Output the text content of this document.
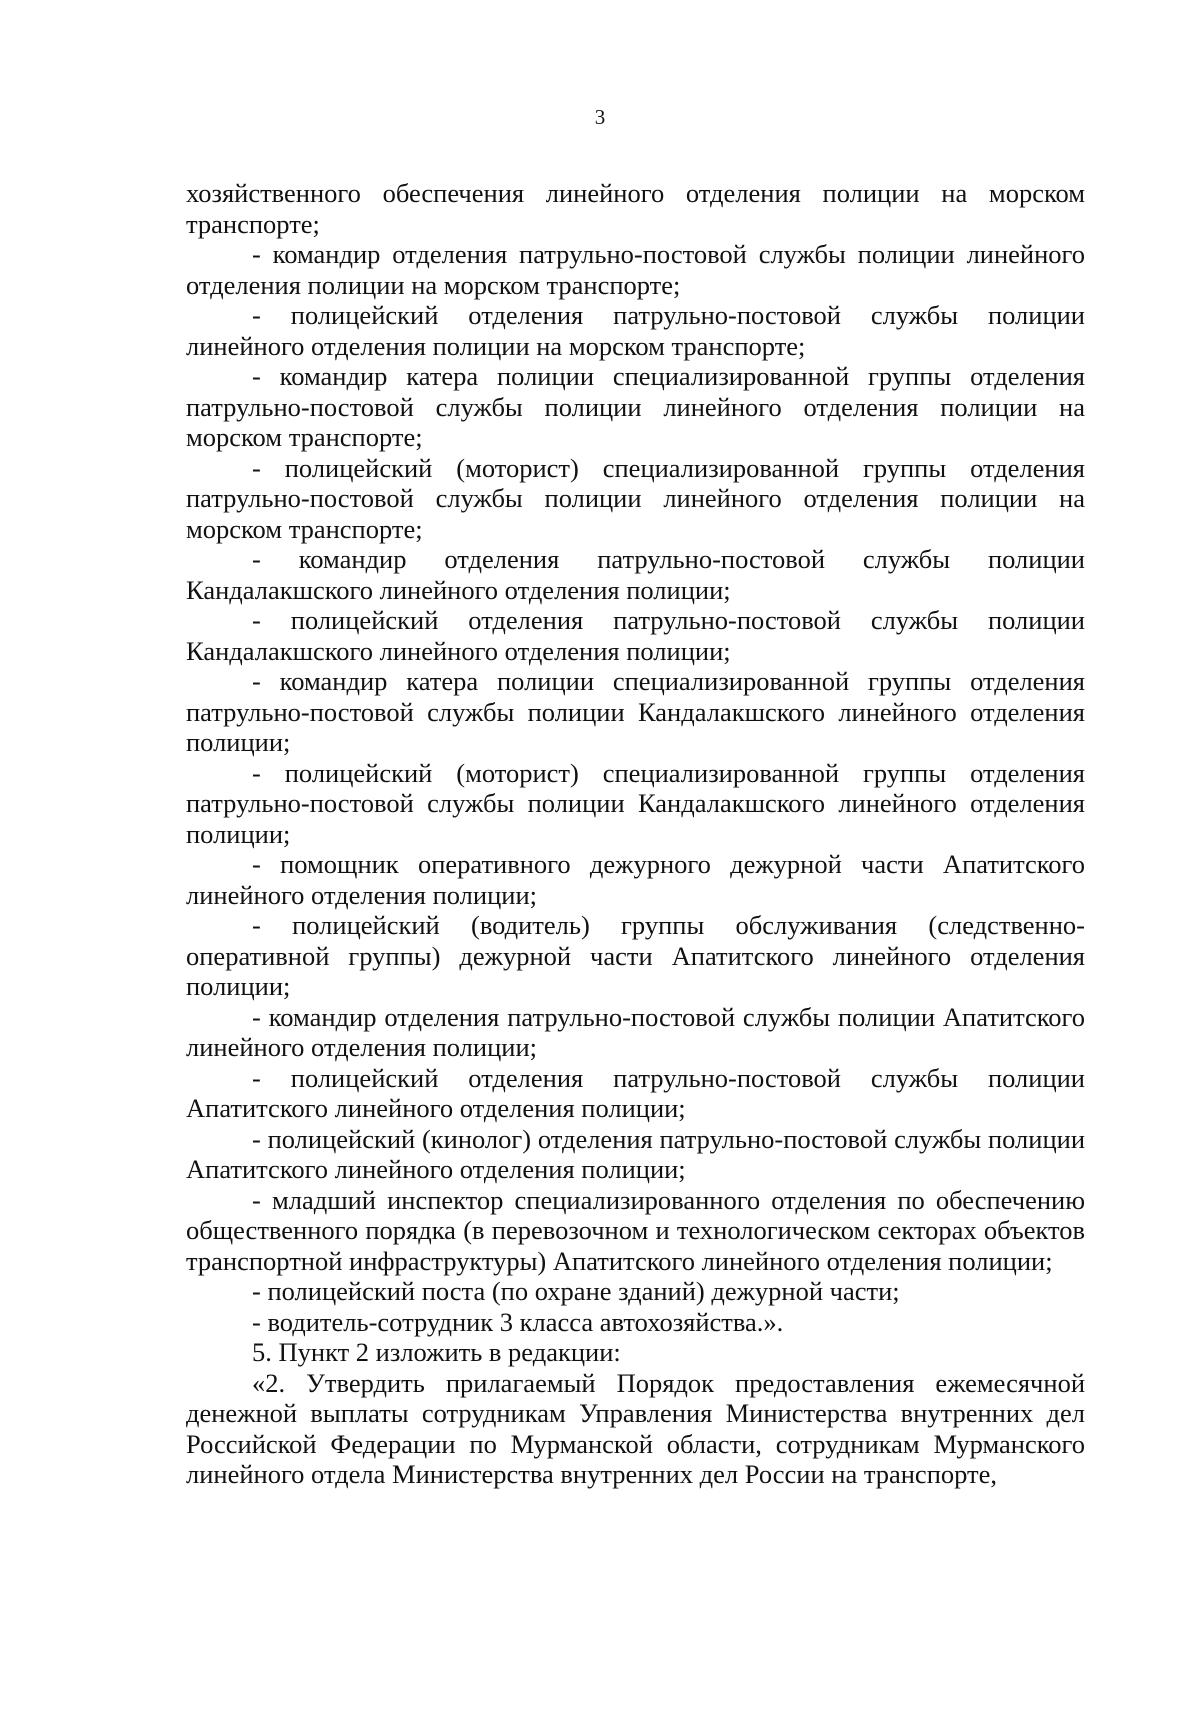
3

хозяйственного обеспечения линейного отделения полиции на морском транспорте;

- командир отделения патрульно-постовой службы полиции линейного отделения полиции на морском транспорте;

- полицейский отделения патрульно-постовой службы полиции линейного отделения полиции на морском транспорте;

- командир катера полиции специализированной группы отделения патрульно-постовой службы полиции линейного отделения полиции на морском транспорте;

- полицейский (моторист) специализированной группы отделения патрульно-постовой службы полиции линейного отделения полиции на морском транспорте;

- командир отделения патрульно-постовой службы полиции Кандалакшского линейного отделения полиции;

- полицейский отделения патрульно-постовой службы полиции Кандалакшского линейного отделения полиции;

- командир катера полиции специализированной группы отделения патрульно-постовой службы полиции Кандалакшского линейного отделения полиции;

- полицейский (моторист) специализированной группы отделения патрульно-постовой службы полиции Кандалакшского линейного отделения полиции;

- помощник оперативного дежурного дежурной части Апатитского линейного отделения полиции;

- полицейский (водитель) группы обслуживания (следственно-оперативной группы) дежурной части Апатитского линейного отделения полиции;

- командир отделения патрульно-постовой службы полиции Апатитского линейного отделения полиции;

- полицейский отделения патрульно-постовой службы полиции Апатитского линейного отделения полиции;

- полицейский (кинолог) отделения патрульно-постовой службы полиции Апатитского линейного отделения полиции;

- младший инспектор специализированного отделения по обеспечению общественного порядка (в перевозочном и технологическом секторах объектов транспортной инфраструктуры) Апатитского линейного отделения полиции;

- полицейский поста (по охране зданий) дежурной части;

- водитель-сотрудник 3 класса автохозяйства.».

5. Пункт 2 изложить в редакции:

«2. Утвердить прилагаемый Порядок предоставления ежемесячной денежной выплаты сотрудникам Управления Министерства внутренних дел Российской Федерации по Мурманской области, сотрудникам Мурманского линейного отдела Министерства внутренних дел России на транспорте,
